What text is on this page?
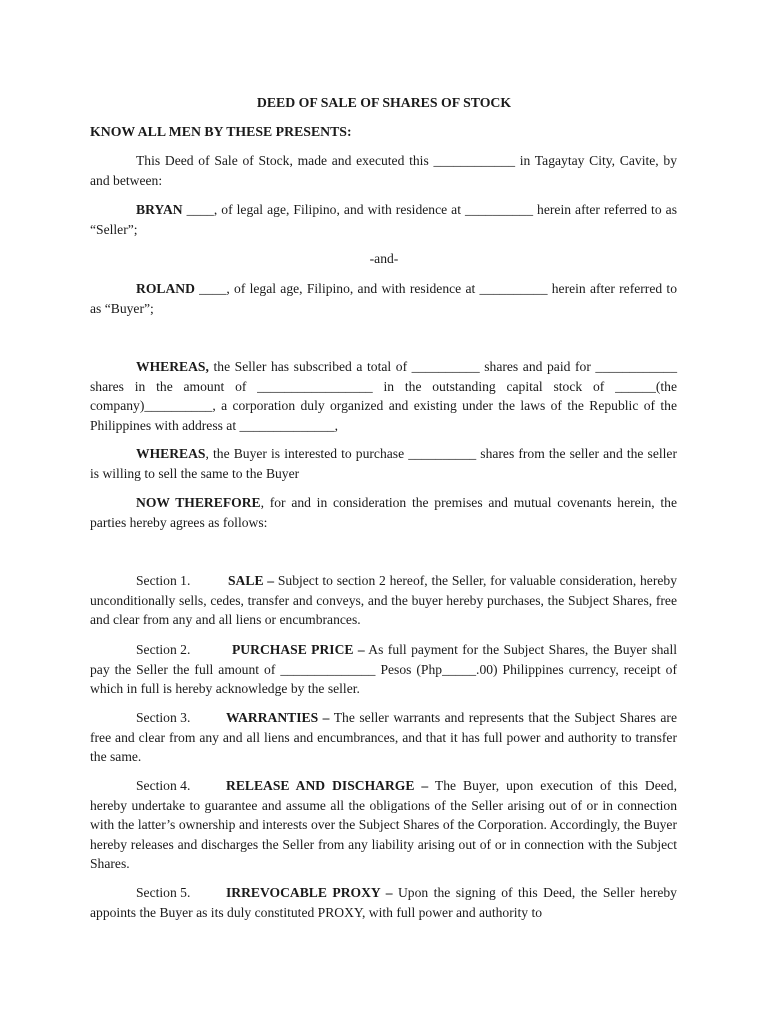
DEED OF SALE OF SHARES OF STOCK
KNOW ALL MEN BY THESE PRESENTS:
This Deed of Sale of Stock, made and executed this ____________ in Tagaytay City, Cavite, by and between:
BRYAN ____, of legal age, Filipino, and with residence at __________ herein after referred to as “Seller”;
-and-
ROLAND ____, of legal age, Filipino, and with residence at __________ herein after referred to as “Buyer”;
WHEREAS, the Seller has subscribed a total of __________ shares and paid for ____________ shares in the amount of _________________ in the outstanding capital stock of ______(the company)__________, a corporation duly organized and existing under the laws of the Republic of the Philippines with address at ______________,
WHEREAS, the Buyer is interested to purchase __________ shares from the seller and the seller is willing to sell the same to the Buyer
NOW THEREFORE, for and in consideration the premises and mutual covenants herein, the parties hereby agrees as follows:
Section 1.	SALE – Subject to section 2 hereof, the Seller, for valuable consideration, hereby unconditionally sells, cedes, transfer and conveys, and the buyer hereby purchases, the Subject Shares, free and clear from any and all liens or encumbrances.
Section 2.	PURCHASE PRICE – As full payment for the Subject Shares, the Buyer shall pay the Seller the full amount of ______________ Pesos (Php_____.00) Philippines currency, receipt of which in full is hereby acknowledge by the seller.
Section 3.	WARRANTIES – The seller warrants and represents that the Subject Shares are free and clear from any and all liens and encumbrances, and that it has full power and authority to transfer the same.
Section 4.	RELEASE AND DISCHARGE – The Buyer, upon execution of this Deed, hereby undertake to guarantee and assume all the obligations of the Seller arising out of or in connection with the latter’s ownership and interests over the Subject Shares of the Corporation. Accordingly, the Buyer hereby releases and discharges the Seller from any liability arising out of or in connection with the Subject Shares.
Section 5.	IRREVOCABLE PROXY – Upon the signing of this Deed, the Seller hereby appoints the Buyer as its duly constituted PROXY, with full power and authority to
